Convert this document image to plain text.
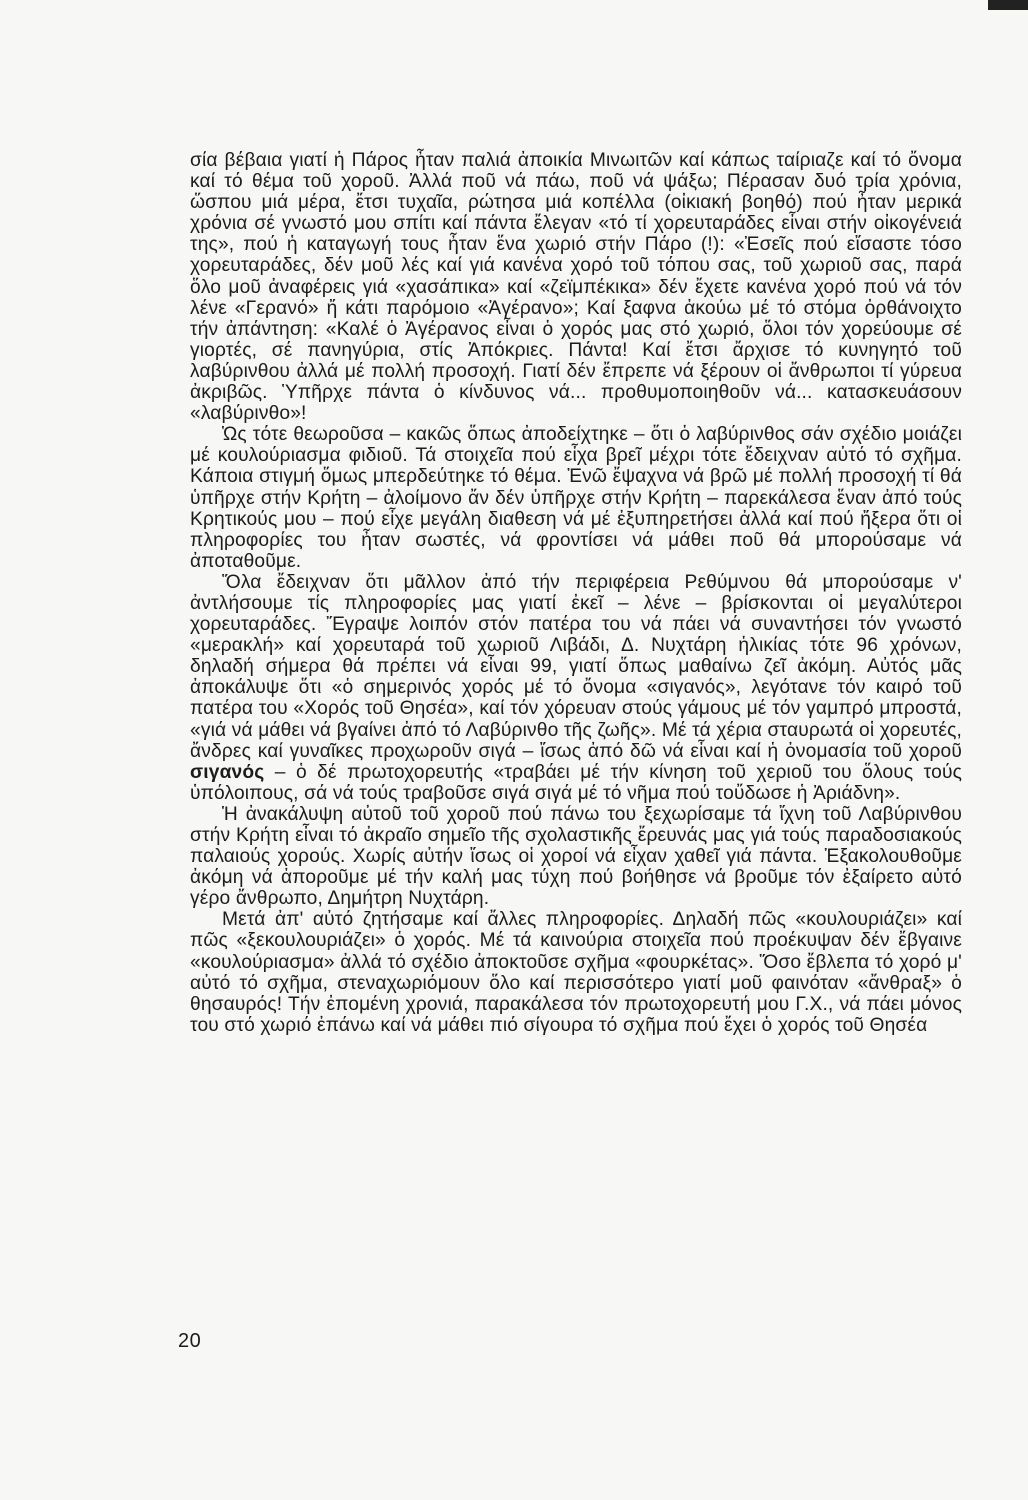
σία βέβαια γιατί ἡ Πάρος ἦταν παλιά ἀποικία Μινωιτῶν καί κάπως ταίριαζε καί τό ὄνομα καί τό θέμα τοῦ χοροῦ. Ἀλλά ποῦ νά πάω, ποῦ νά ψάξω; Πέρασαν δυό τρία χρόνια, ὥσπου μιά μέρα, ἔτσι τυχαῖα, ρώτησα μιά κοπέλλα (οἰκιακή βοηθό) πού ἦταν μερικά χρόνια σέ γνωστό μου σπίτι καί πάντα ἔλεγαν «τό τί χορευταράδες εἶναι στήν οἰκογένειά της», πού ἡ καταγωγή τους ἦταν ἕνα χωριό στήν Πάρο (!): «Ἐσεῖς πού εἴσαστε τόσο χορευταράδες, δέν μοῦ λές καί γιά κανένα χορό τοῦ τόπου σας, τοῦ χωριοῦ σας, παρά ὅλο μοῦ ἀναφέρεις γιά «χασάπικα» καί «ζεϊμπέκικα» δέν ἔχετε κανένα χορό πού νά τόν λένε «Γερανό» ἤ κάτι παρόμοιο «Ἀγέρανο»; Καί ξαφνα ἀκούω μέ τό στόμα ὀρθάνοιχτο τήν ἀπάντηση: «Καλέ ὁ Ἀγέρανος εἶναι ὁ χορός μας στό χωριό, ὅλοι τόν χορεύουμε σέ γιορτές, σέ πανηγύρια, στίς Ἀπόκριες. Πάντα! Καί ἔτσι ἄρχισε τό κυνηγητό τοῦ λαβύρινθου ἀλλά μέ πολλή προσοχή. Γιατί δέν ἔπρεπε νά ξέρουν οἱ ἄνθρωποι τί γύρευα ἀκριβῶς. Ὑπῆρχε πάντα ὁ κίνδυνος νά... προθυμοποιηθοῦν νά... κατασκευάσουν «λαβύρινθο»!

Ὡς τότε θεωροῦσα – κακῶς ὅπως ἀποδείχτηκε – ὅτι ὁ λαβύρινθος σάν σχέδιο μοιάζει μέ κουλούριασμα φιδιοῦ. Τά στοιχεῖα πού εἶχα βρεῖ μέχρι τότε ἔδειχναν αὐτό τό σχῆμα. Κάποια στιγμή ὅμως μπερδεύτηκε τό θέμα. Ἐνῶ ἔψαχνα νά βρῶ μέ πολλή προσοχή τί θά ὑπῆρχε στήν Κρήτη – ἀλοίμονο ἄν δέν ὑπῆρχε στήν Κρήτη – παρεκάλεσα ἕναν ἀπό τούς Κρητικούς μου – πού εἶχε μεγάλη διαθεση νά μέ ἐξυπηρετήσει ἀλλά καί πού ἤξερα ὅτι οἱ πληροφορίες του ἦταν σωστές, νά φροντίσει νά μάθει ποῦ θά μπορούσαμε νά ἀποταθοῦμε.

Ὅλα ἔδειχναν ὅτι μᾶλλον ἀπό τήν περιφέρεια Ρεθύμνου θά μπορούσαμε ν' ἀντλήσουμε τίς πληροφορίες μας γιατί ἐκεῖ – λένε – βρίσκονται οἱ μεγαλύτεροι χορευταράδες. Ἔγραψε λοιπόν στόν πατέρα του νά πάει νά συναντήσει τόν γνωστό «μερακλή» καί χορευταρά τοῦ χωριοῦ Λιβάδι, Δ. Νυχτάρη ἡλικίας τότε 96 χρόνων, δηλαδή σήμερα θά πρέπει νά εἶναι 99, γιατί ὅπως μαθαίνω ζεῖ ἀκόμη. Αὐτός μᾶς ἀποκάλυψε ὅτι «ὁ σημερινός χορός μέ τό ὄνομα «σιγανός», λεγότανε τόν καιρό τοῦ πατέρα του «Χορός τοῦ Θησέα», καί τόν χόρευαν στούς γάμους μέ τόν γαμπρό μπροστά, «γιά νά μάθει νά βγαίνει ἀπό τό Λαβύρινθο τῆς ζωῆς». Μέ τά χέρια σταυρωτά οἱ χορευτές, ἄνδρες καί γυναῖκες προχωροῦν σιγά – ἴσως ἀπό δῶ νά εἶναι καί ἡ ὀνομασία τοῦ χοροῦ σιγανός – ὁ δέ πρωτοχορευτής «τραβάει μέ τήν κίνηση τοῦ χεριοῦ του ὅλους τούς ὑπόλοιπους, σά νά τούς τραβοῦσε σιγά σιγά μέ τό νῆμα πού τοὔδωσε ἡ Ἀριάδνη».

Ἡ ἀνακάλυψη αὐτοῦ τοῦ χοροῦ πού πάνω του ξεχωρίσαμε τά ἴχνη τοῦ Λαβύρινθου στήν Κρήτη εἶναι τό ἀκραῖο σημεῖο τῆς σχολαστικῆς ἔρευνάς μας γιά τούς παραδοσιακούς παλαιούς χορούς. Χωρίς αὐτήν ἴσως οἱ χοροί νά εἶχαν χαθεῖ γιά πάντα. Ἐξακολουθοῦμε ἀκόμη νά ἀποροῦμε μέ τήν καλή μας τύχη πού βοήθησε νά βροῦμε τόν ἐξαίρετο αὐτό γέρο ἄνθρωπο, Δημήτρη Νυχτάρη.

Μετά ἀπ' αὐτό ζητήσαμε καί ἄλλες πληροφορίες. Δηλαδή πῶς «κουλουριάζει» καί πῶς «ξεκουλουριάζει» ὁ χορός. Μέ τά καινούρια στοιχεῖα πού προέκυψαν δέν ἔβγαινε «κουλούριασμα» ἀλλά τό σχέδιο ἀποκτοῦσε σχῆμα «φουρκέτας». Ὅσο ἔβλεπα τό χορό μ' αὐτό τό σχῆμα, στεναχωριόμουν ὅλο καί περισσότερο γιατί μοῦ φαινόταν «ἄνθραξ» ὁ θησαυρός! Τήν ἐπομένη χρονιά, παρακάλεσα τόν πρωτοχορευτή μου Γ.Χ., νά πάει μόνος του στό χωριό ἐπάνω καί νά μάθει πιό σίγουρα τό σχῆμα πού ἔχει ὁ χορός τοῦ Θησέα

20
